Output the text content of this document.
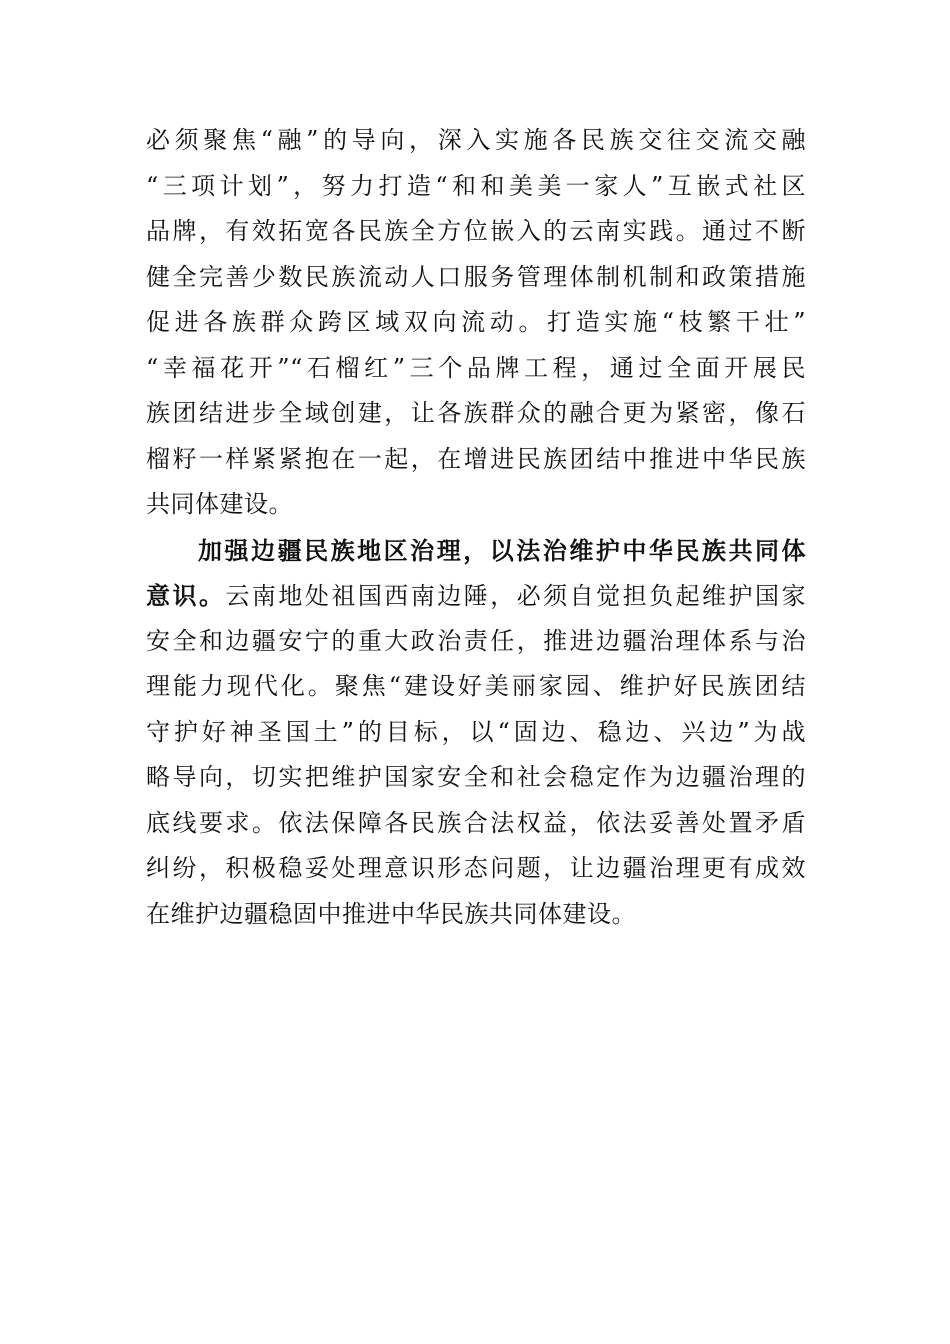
必须聚焦“融”的导向，深入实施各民族交往交流交融
“三项计划”，努力打造“和和美美一家人”互嵌式社区
品牌，有效拓宽各民族全方位嵌入的云南实践。通过不断
健全完善少数民族流动人口服务管理体制机制和政策措施
促进各族群众跨区域双向流动。打造实施“枝繁干壮”
“幸福花开”“石榴红”三个品牌工程，通过全面开展民
族团结进步全域创建，让各族群众的融合更为紧密，像石
榴籽一样紧紧抱在一起，在增进民族团结中推进中华民族
共同体建设。
加强边疆民族地区治理，以法治维护中华民族共同体
意识。云南地处祖国西南边陲，必须自觉担负起维护国家
安全和边疆安宁的重大政治责任，推进边疆治理体系与治
理能力现代化。聚焦“建设好美丽家园、维护好民族团结
守护好神圣国土”的目标，以“固边、稳边、兴边”为战
略导向，切实把维护国家安全和社会稳定作为边疆治理的
底线要求。依法保障各民族合法权益，依法妥善处置矛盾
纠纷，积极稳妥处理意识形态问题，让边疆治理更有成效
在维护边疆稳固中推进中华民族共同体建设。
